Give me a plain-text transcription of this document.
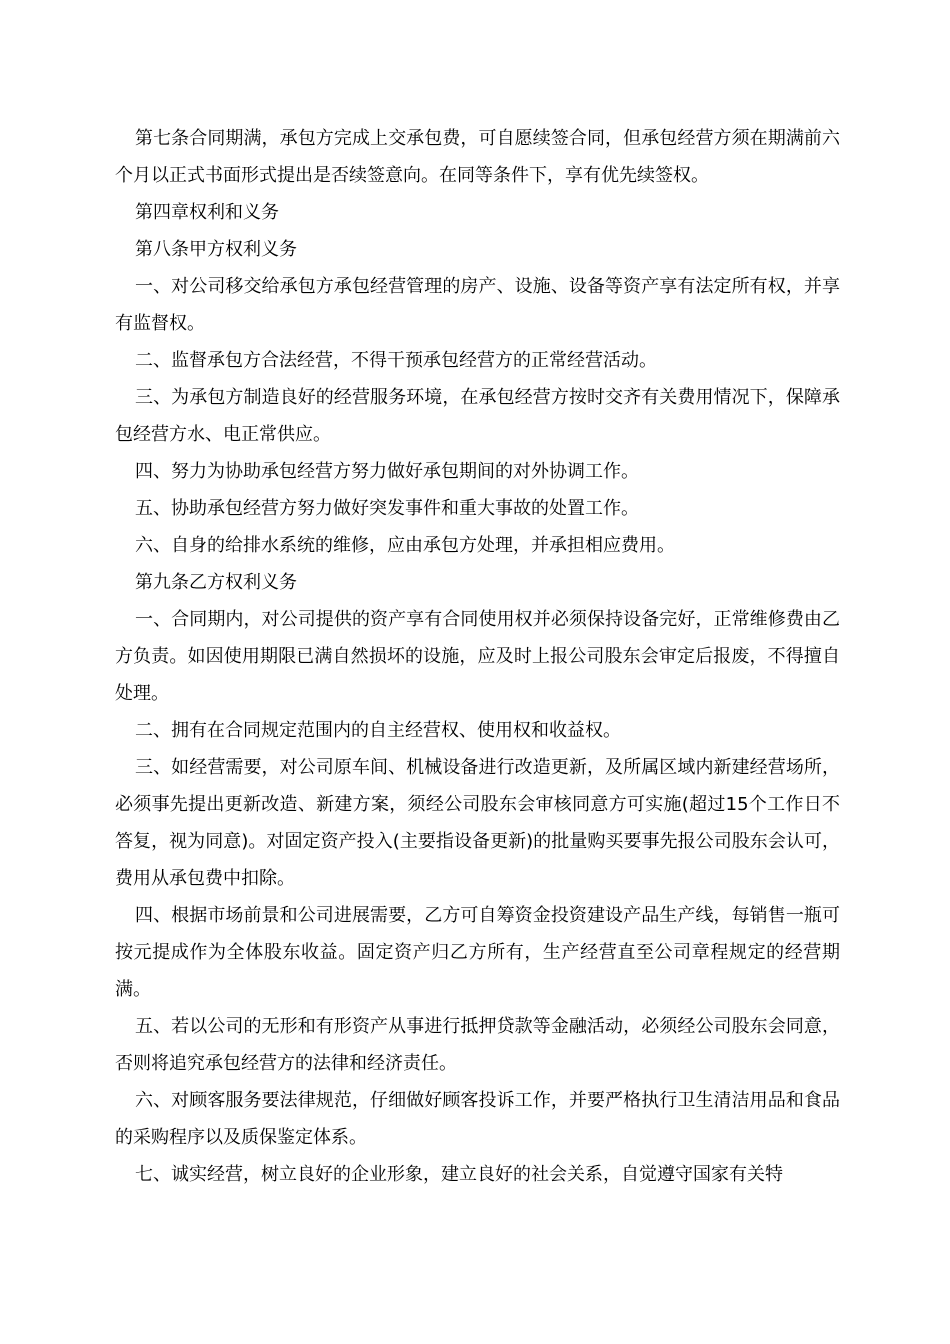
第七条合同期满，承包方完成上交承包费，可自愿续签合同，但承包经营方须在期满前六个月以正式书面形式提出是否续签意向。在同等条件下，享有优先续签权。

第四章权利和义务

第八条甲方权利义务

一、对公司移交给承包方承包经营管理的房产、设施、设备等资产享有法定所有权，并享有监督权。

二、监督承包方合法经营，不得干预承包经营方的正常经营活动。

三、为承包方制造良好的经营服务环境，在承包经营方按时交齐有关费用情况下，保障承包经营方水、电正常供应。

四、努力为协助承包经营方努力做好承包期间的对外协调工作。

五、协助承包经营方努力做好突发事件和重大事故的处置工作。

六、自身的给排水系统的维修，应由承包方处理，并承担相应费用。

第九条乙方权利义务

一、合同期内，对公司提供的资产享有合同使用权并必须保持设备完好，正常维修费由乙方负责。如因使用期限已满自然损坏的设施，应及时上报公司股东会审定后报废，不得擅自处理。

二、拥有在合同规定范围内的自主经营权、使用权和收益权。

三、如经营需要，对公司原车间、机械设备进行改造更新，及所属区域内新建经营场所，必须事先提出更新改造、新建方案，须经公司股东会审核同意方可实施(超过15个工作日不答复，视为同意)。对固定资产投入(主要指设备更新)的批量购买要事先报公司股东会认可，费用从承包费中扣除。

四、根据市场前景和公司进展需要，乙方可自筹资金投资建设产品生产线，每销售一瓶可按元提成作为全体股东收益。固定资产归乙方所有，生产经营直至公司章程规定的经营期满。

五、若以公司的无形和有形资产从事进行抵押贷款等金融活动，必须经公司股东会同意，否则将追究承包经营方的法律和经济责任。

六、对顾客服务要法律规范，仔细做好顾客投诉工作，并要严格执行卫生清洁用品和食品的采购程序以及质保鉴定体系。

七、诚实经营，树立良好的企业形象，建立良好的社会关系，自觉遵守国家有关特
